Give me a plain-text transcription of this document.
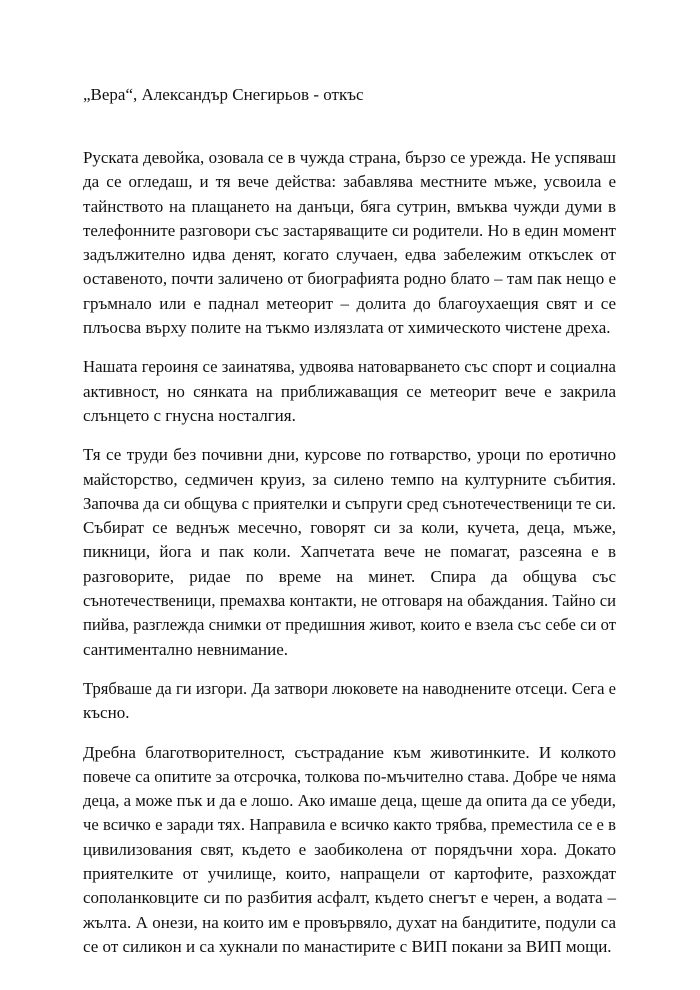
„Вера“, Александър Снегирьов - откъс

Руската девойка, озовала се в чужда страна, бързо се урежда. Не успяваш
да се огледаш, и тя вече действа: забавлява местните мъже, усвоила е
тайнството на плащането на данъци, бяга сутрин, вмъква чужди думи в
телефонните разговори със застаряващите си родители. Но в един момент
задължително идва денят, когато случаен, едва забележим откъслек от
оставеното, почти заличено от биографията родно блато – там пак нещо е
гръмнало или е паднал метеорит – долита до благоухаещия свят и се
плъосва върху полите на тъкмо излязлата от химическото чистене дреха.

Нашата героиня се заинатява, удвоява натоварването със спорт и социална
активност, но сянката на приближаващия се метеорит вече е закрила
слънцето с гнусна носталгия.

Тя се труди без почивни дни, курсове по готварство, уроци по еротично
майсторство, седмичен круиз, за силено темпо на културните събития.
Започва да си общува с приятелки и съпруги сред сънотечественици те си.
Събират се веднъж месечно, говорят си за коли, кучета, деца, мъже,
пикници, йога и пак коли. Хапчетата вече не помагат, разсеяна е в
разговорите, ридае по време на минет. Спира да общува със
сънотечественици, премахва контакти, не отговаря на обаждания. Тайно си
пийва, разглежда снимки от предишния живот, които е взела със себе си от
сантиментално невнимание.

Трябваше да ги изгори. Да затвори люковете на наводнените отсеци. Сега е
късно.

Дребна благотворителност, състрадание към животинките. И колкото
повече са опитите за отсрочка, толкова по-мъчително става. Добре че няма
деца, а може пък и да е лошо. Ако имаше деца, щеше да опита да се убеди,
че всичко е заради тях. Направила е всичко както трябва, преместила се е в
цивилизования свят, където е заобиколена от порядъчни хора. Докато
приятелките от училище, които, напращели от картофите, разхождат
сополанковците си по разбития асфалт, където снегът е черен, а водата –
жълта. А онези, на които им е провървяло, духат на бандитите, подули са
се от силикон и са хукнали по манастирите с ВИП покани за ВИП мощи.
